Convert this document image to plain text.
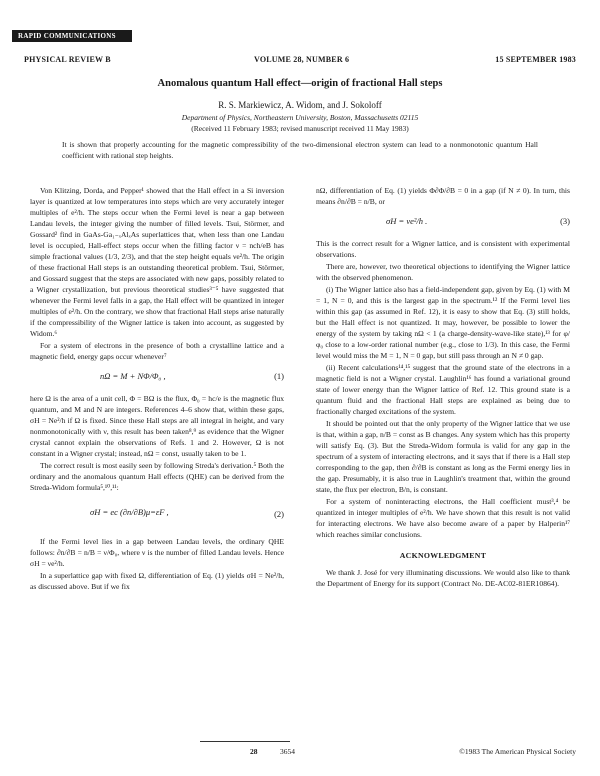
RAPID COMMUNICATIONS
PHYSICAL REVIEW B	VOLUME 28, NUMBER 6	15 SEPTEMBER 1983
Anomalous quantum Hall effect—origin of fractional Hall steps
R. S. Markiewicz, A. Widom, and J. Sokoloff
Department of Physics, Northeastern University, Boston, Massachusetts 02115
(Received 11 February 1983; revised manuscript received 11 May 1983)
It is shown that properly accounting for the magnetic compressibility of the two-dimensional electron system can lead to a nonmonotonic quantum Hall coefficient with rational step heights.

Von Klitzing, Dorda, and Pepper¹ showed that the Hall effect in a Si inversion layer is quantized at low temperatures into steps which are very accurately integer multiples of e²/h. The steps occur when the Fermi level is near a gap between Landau levels, the integer giving the number of filled levels. Tsui, Störmer, and Gossard² find in GaAs-Ga₁₋ₓAlₓAs superlattices that, when less than one Landau level is occupied, Hall-effect steps occur when the filling factor ν = nch/eB has simple fractional values (1/3, 2/3), and that the step height equals νe²/h. The origin of these fractional Hall steps is an outstanding theoretical problem. Tsui, Störmer, and Gossard suggest that the steps are associated with new gaps, possibly related to a Wigner crystallization, but previous theoretical studies³⁻⁵ have suggested that whenever the Fermi level falls in a gap, the Hall effect will be quantized in integer multiples of e²/h. On the contrary, we show that fractional Hall steps arise naturally if the compressibility of the Wigner lattice is taken into account, as suggested by Widom.⁶

For a system of electrons in the presence of both a crystalline lattice and a magnetic field, energy gaps occur whenever⁷

nΩ = M + NΦ/Φ₀ ,	(1)

here Ω is the area of a unit cell, Φ = BΩ is the flux, Φ₀ = hc/e is the magnetic flux quantum, and M and N are integers. References 4–6 show that, within these gaps, σH = Ne²/h if Ω is fixed. Since these Hall steps are all integral in height, and vary nonmonotonically with ν, this result has been taken⁸,⁹ as evidence that the Wigner crystal cannot explain the observations of Refs. 1 and 2. However, Ω is not constant in a Wigner crystal; instead, nΩ = const, usually taken to be 1.

The correct result is most easily seen by following Streda's derivation.⁵ Both the ordinary and the anomalous quantum Hall effects (QHE) can be derived from the Streda-Widom formula⁵,¹⁰,¹¹:

σH = ec (∂n/∂B)μ=εF ,	(2)

If the Fermi level lies in a gap between Landau levels, the ordinary QHE follows: ∂n/∂B = n/B = ν/Φ₀, where ν is the number of filled Landau levels. Hence σH = νe²/h.

In a superlattice gap with fixed Ω, differentiation of Eq. (1) yields σH = Ne²/h, as discussed above. But if we fix

nΩ, differentiation of Eq. (1) yields Φ∂Φ/∂B = 0 in a gap (if N ≠ 0). In turn, this means ∂n/∂B = n/B, or

σH = νe²/h .	(3)

This is the correct result for a Wigner lattice, and is consistent with experimental observations.

There are, however, two theoretical objections to identifying the Wigner lattice with the observed phenomenon.

(i) The Wigner lattice also has a field-independent gap, given by Eq. (1) with M = 1, N = 0, and this is the largest gap in the spectrum.¹² If the Fermi level lies within this gap (as assumed in Ref. 12), it is easy to show that Eq. (3) still holds, but the Hall effect is not quantized. It may, however, be possible to lower the energy of the system by taking nΩ < 1 (a charge-density-wave-like state),¹³ for φ/φ₀ close to a low-order rational number (e.g., close to 1/3). In this case, the Fermi level would miss the M = 1, N = 0 gap, but still pass through an N ≠ 0 gap.

(ii) Recent calculations¹⁴,¹⁵ suggest that the ground state of the electrons in a magnetic field is not a Wigner crystal. Laughlin¹⁶ has found a variational ground state of lower energy than the Wigner lattice of Ref. 12. This ground state is a quantum fluid and the fractional Hall steps are explained as being due to fractionally charged excitations of the system.

It should be pointed out that the only property of the Wigner lattice that we use is that, within a gap, n/B = const as B changes. Any system which has this property will satisfy Eq. (3). But the Streda-Widom formula is valid for any gap in the spectrum of a system of interacting electrons, and it says that if there is a Hall step corresponding to the gap, then ∂/∂B is constant as long as the Fermi energy lies in the gap. Presumably, it is also true in Laughlin's treatment that, within the ground state, the flux per electron, B/n, is constant.

For a system of noninteracting electrons, the Hall coefficient must³,⁴ be quantized in integer multiples of e²/h. We have shown that this result is not valid for interacting electrons. We have also become aware of a paper by Halperin¹⁷ which reaches similar conclusions.

ACKNOWLEDGMENT

We thank J. José for very illuminating discussions. We would also like to thank the Department of Energy for its support (Contract No. DE-AC02-81ER10864).

28	3654	©1983 The American Physical Society
